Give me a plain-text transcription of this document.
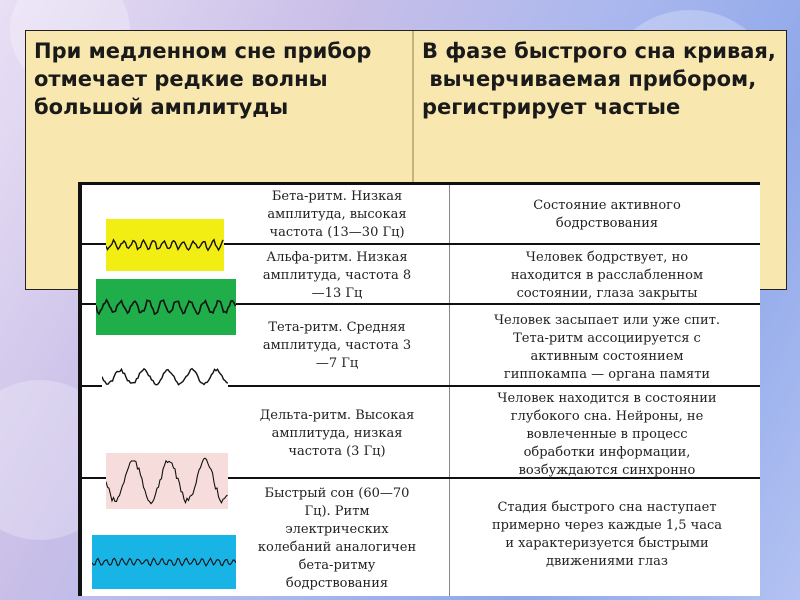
При медленном сне прибор отмечает редкие волны большой амплитуды
В фазе быстрого сна кривая,
вычерчиваемая прибором, регистрирует частые
Бета-ритм. Низкая
амплитуда, высокая
частота (13—30 Гц)
Состояние активного
бодрствования
Альфа-ритм. Низкая
амплитуда, частота 8
—13 Гц
Человек бодрствует, но
находится в расслабленном
состоянии, глаза закрыты
Тета-ритм. Средняя
амплитуда, частота 3
—7 Гц
Человек засыпает или уже спит.
Тета-ритм ассоциируется с
активным состоянием
гиппокампа — органа памяти
Дельта-ритм. Высокая
амплитуда, низкая
частота (3 Гц)
Человек находится в состоянии
глубокого сна. Нейроны, не
вовлеченные в процесс
обработки информации,
возбуждаются синхронно
Быстрый сон (60—70
Гц). Ритм
электрических
колебаний аналогичен
бета-ритму
бодрствования
Стадия быстрого сна наступает
примерно через каждые 1,5 часа
и характеризуется быстрыми
движениями глаз
